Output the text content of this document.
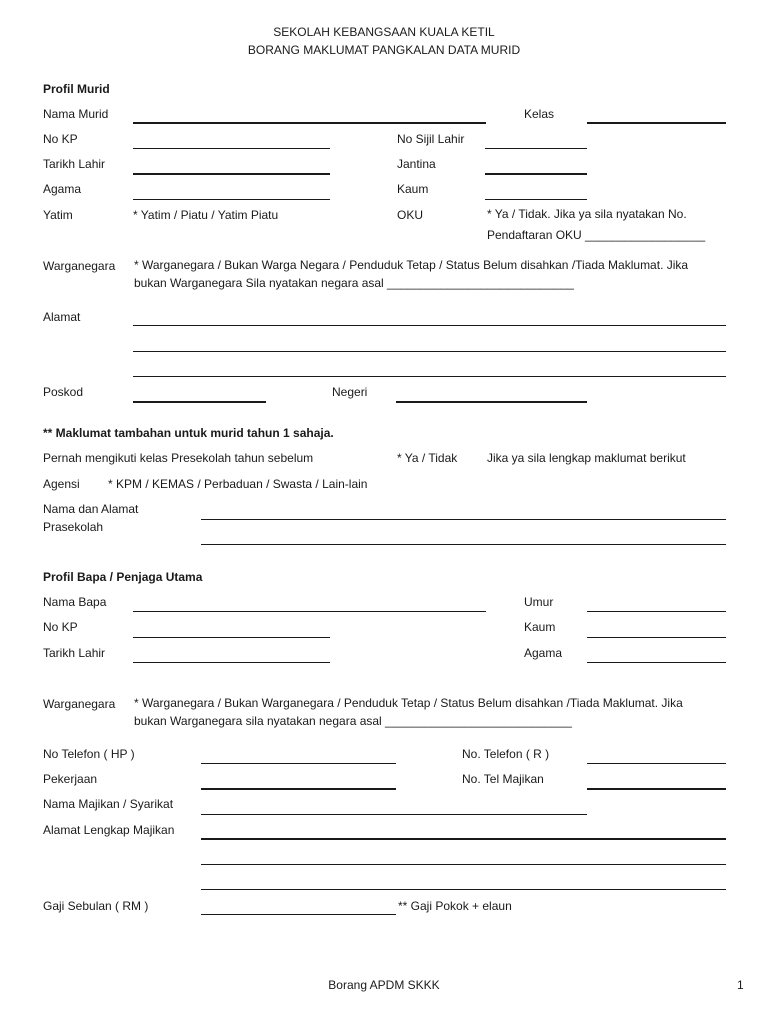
SEKOLAH KEBANGSAAN KUALA KETIL
BORANG MAKLUMAT PANGKALAN DATA MURID
Profil Murid
Nama Murid	Kelas
No KP	No Sijil Lahir
Tarikh Lahir	Jantina
Agama	Kaum
Yatim	* Yatim / Piatu / Yatim Piatu	OKU	* Ya / Tidak. Jika ya sila nyatakan No.
Pendaftaran OKU __________________
Warganegara * Warganegara / Bukan Warga Negara / Penduduk Tetap / Status Belum disahkan /Tiada Maklumat. Jika
bukan Warganegara Sila nyatakan negara asal ____________________________
Alamat
Poskod	Negeri
** Maklumat tambahan untuk murid tahun 1 sahaja.
Pernah mengikuti kelas Presekolah tahun sebelum	* Ya / Tidak Jika ya sila lengkap maklumat berikut
Agensi * KPM / KEMAS / Perbaduan / Swasta / Lain-lain
Nama dan Alamat
Prasekolah
Profil Bapa / Penjaga Utama
Nama Bapa	Umur
No KP	Kaum
Tarikh Lahir	Agama
Warganegara * Warganegara / Bukan Warganegara / Penduduk Tetap / Status Belum disahkan /Tiada Maklumat. Jika
bukan Warganegara sila nyatakan negara asal ____________________________
No Telefon ( HP )	No. Telefon ( R )
Pekerjaan	No. Tel Majikan
Nama Majikan / Syarikat
Alamat Lengkap Majikan
Gaji Sebulan ( RM )	** Gaji Pokok + elaun
Borang APDM SKKK	1
